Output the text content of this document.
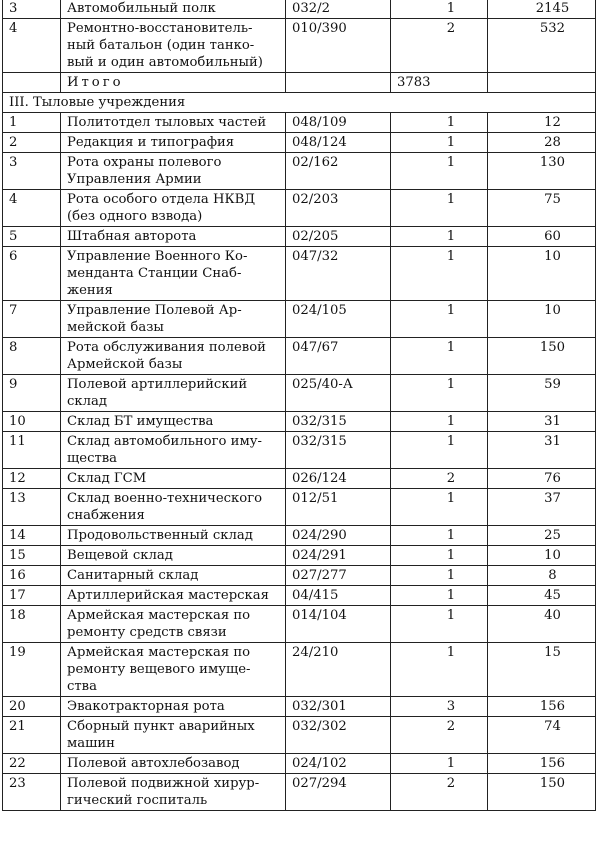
3	Автомобильный полк	032/2	1	2145
4	Ремонтно-восстановитель-
ный батальон (один танко-
вый и один автомобильный)	010/390	2	532
	Итого		3783	
III. Тыловые учреждения				
1	Политотдел тыловых частей	048/109	1	12
2	Редакция и типография	048/124	1	28
3	Рота охраны полевого
Управления Армии	02/162	1	130
4	Рота особого отдела НКВД
(без одного взвода)	02/203	1	75
5	Штабная авторота	02/205	1	60
6	Управление Военного Ко-
менданта Станции Снаб-
жения	047/32	1	10
7	Управление Полевой Ар-
мейской базы	024/105	1	10
8	Рота обслуживания полевой
Армейской базы	047/67	1	150
9	Полевой артиллерийский
склад	025/40-А	1	59
10	Склад БТ имущества	032/315	1	31
11	Склад автомобильного иму-
щества	032/315	1	31
12	Склад ГСМ	026/124	2	76
13	Склад военно-технического
снабжения	012/51	1	37
14	Продовольственный склад	024/290	1	25
15	Вещевой склад	024/291	1	10
16	Санитарный склад	027/277	1	8
17	Артиллерийская мастерская	04/415	1	45
18	Армейская мастерская по
ремонту средств связи	014/104	1	40
19	Армейская мастерская по
ремонту вещевого имуще-
ства	24/210	1	15
20	Эвакотракторная рота	032/301	3	156
21	Сборный пункт аварийных
машин	032/302	2	74
22	Полевой автохлебозавод	024/102	1	156
23	Полевой подвижной хирур-
гический госпиталь	027/294	2	150
